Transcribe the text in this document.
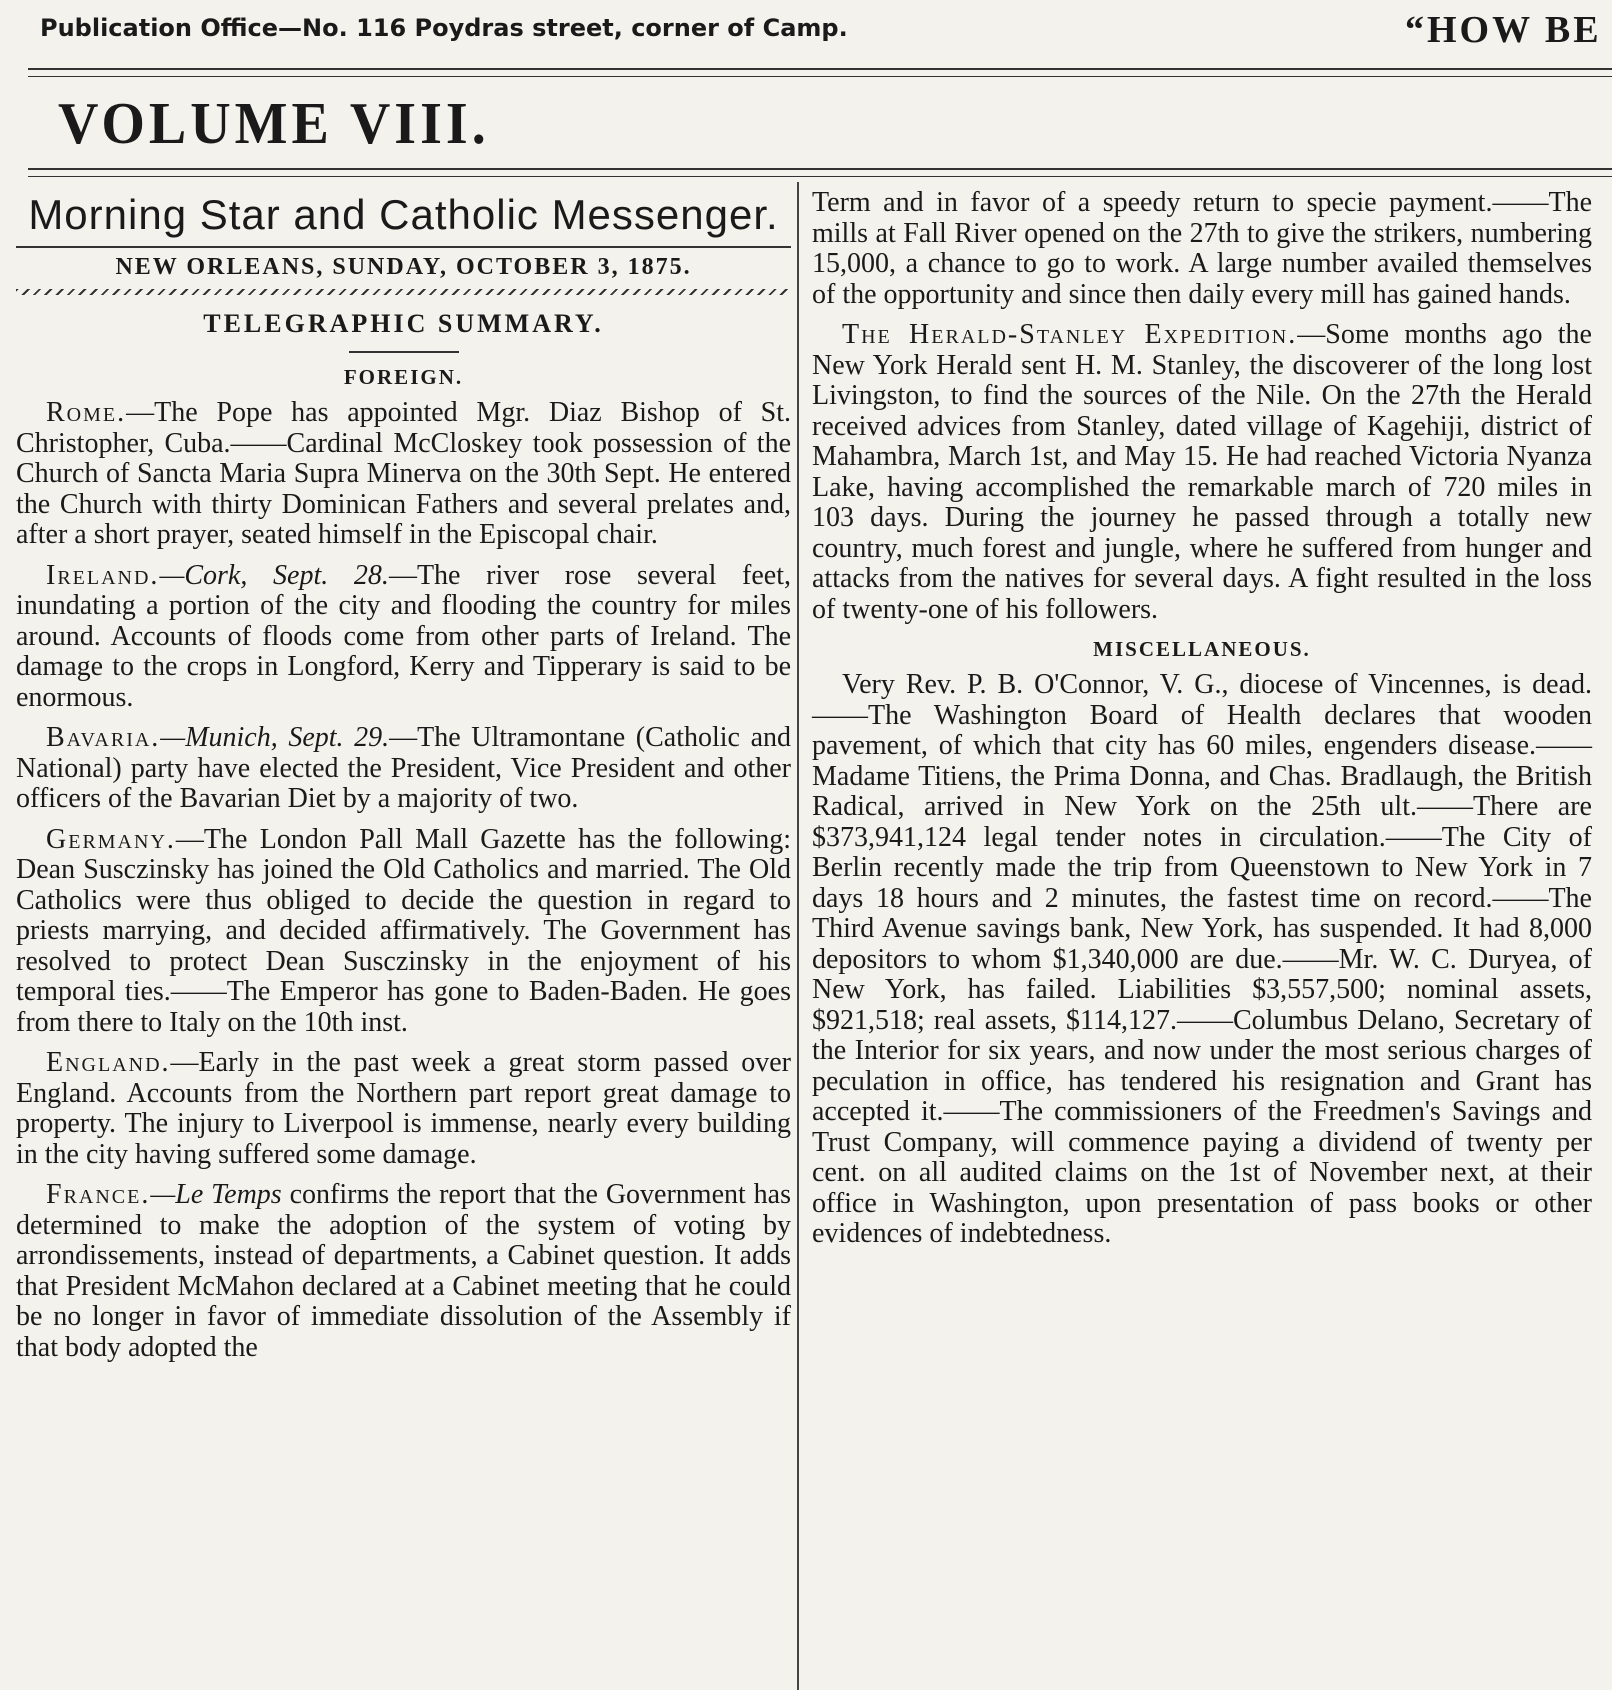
Publication Office—No. 116 Poydras street, corner of Camp.	“HOW BE
VOLUME VIII.
Morning Star and Catholic Messenger.
NEW ORLEANS, SUNDAY, OCTOBER 3, 1875.
TELEGRAPHIC SUMMARY.
FOREIGN.

Rome.—The Pope has appointed Mgr. Diaz Bishop of St. Christopher, Cuba.——Cardinal McCloskey took possession of the Church of Sancta Maria Supra Minerva on the 30th Sept. He entered the Church with thirty Dominican Fathers and several prelates and, after a short prayer, seated himself in the Episcopal chair.

Ireland.—Cork, Sept. 28.—The river rose several feet, inundating a portion of the city and flooding the country for miles around. Accounts of floods come from other parts of Ireland. The damage to the crops in Longford, Kerry and Tipperary is said to be enormous.

Bavaria.—Munich, Sept. 29.—The Ultramontane (Catholic and National) party have elected the President, Vice President and other officers of the Bavarian Diet by a majority of two.

Germany.—The London Pall Mall Gazette has the following: Dean Susczinsky has joined the Old Catholics and married. The Old Catholics were thus obliged to decide the question in regard to priests marrying, and decided affirmatively. The Government has resolved to protect Dean Susczinsky in the enjoyment of his temporal ties.——The Emperor has gone to Baden-Baden. He goes from there to Italy on the 10th inst.

England.—Early in the past week a great storm passed over England. Accounts from the Northern part report great damage to property. The injury to Liverpool is immense, nearly every building in the city having suffered some damage.

France.—Le Temps confirms the report that the Government has determined to make the adoption of the system of voting by arrondissements, instead of departments, a Cabinet question. It adds that President McMahon declared at a Cabinet meeting that he could be no longer in favor of immediate dissolution of the Assembly if that body adopted the

Term and in favor of a speedy return to specie payment.——The mills at Fall River opened on the 27th to give the strikers, numbering 15,000, a chance to go to work. A large number availed themselves of the opportunity and since then daily every mill has gained hands.

The Herald-Stanley Expedition.—Some months ago the New York Herald sent H. M. Stanley, the discoverer of the long lost Livingston, to find the sources of the Nile. On the 27th the Herald received advices from Stanley, dated village of Kagehiji, district of Mahambra, March 1st, and May 15. He had reached Victoria Nyanza Lake, having accomplished the remarkable march of 720 miles in 103 days. During the journey he passed through a totally new country, much forest and jungle, where he suffered from hunger and attacks from the natives for several days. A fight resulted in the loss of twenty-one of his followers.

MISCELLANEOUS.

Very Rev. P. B. O'Connor, V. G., diocese of Vincennes, is dead.——The Washington Board of Health declares that wooden pavement, of which that city has 60 miles, engenders disease.——Madame Titiens, the Prima Donna, and Chas. Bradlaugh, the British Radical, arrived in New York on the 25th ult.——There are $373,941,124 legal tender notes in circulation.——The City of Berlin recently made the trip from Queenstown to New York in 7 days 18 hours and 2 minutes, the fastest time on record.——The Third Avenue savings bank, New York, has suspended. It had 8,000 depositors to whom $1,340,000 are due.——Mr. W. C. Duryea, of New York, has failed. Liabilities $3,557,500; nominal assets, $921,518; real assets, $114,127.——Columbus Delano, Secretary of the Interior for six years, and now under the most serious charges of peculation in office, has tendered his resignation and Grant has accepted it.——The commissioners of the Freedmen's Savings and Trust Company, will commence paying a dividend of twenty per cent. on all audited claims on the 1st of November next, at their office in Washington, upon presentation of pass books or other evidences of indebtedness.
